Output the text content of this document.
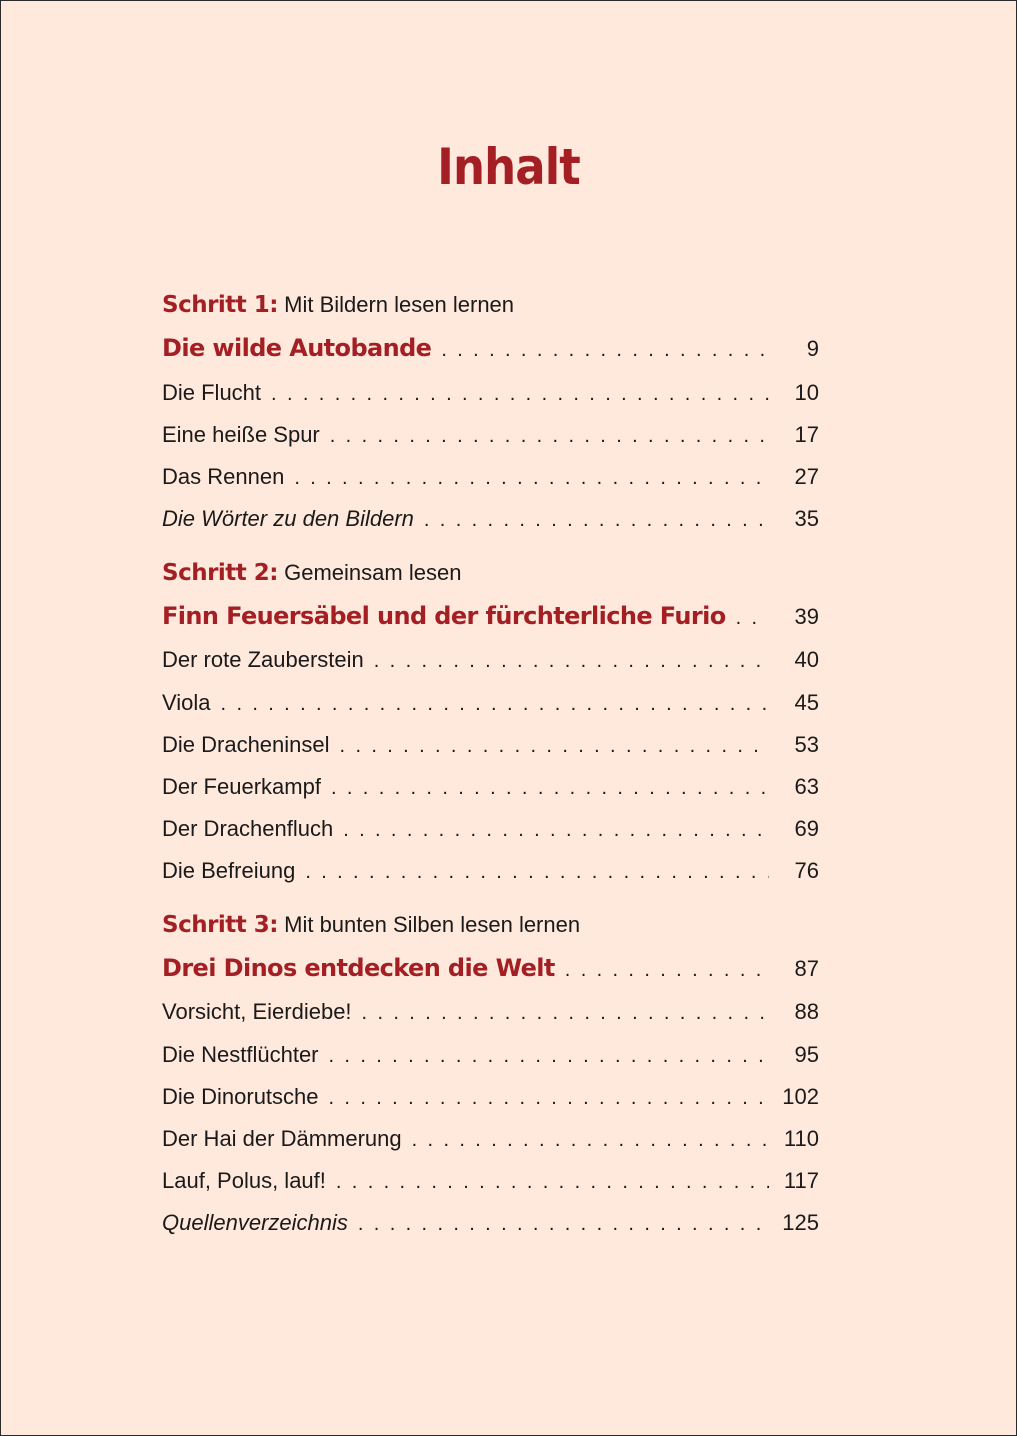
Inhalt
Schritt 1: Mit Bildern lesen lernen
Die wilde Autobande . . .	9
Die Flucht . . .	10
Eine heiße Spur . . .	17
Das Rennen . . .	27
Die Wörter zu den Bildern . . .	35
Schritt 2: Gemeinsam lesen
Finn Feuersäbel und der fürchterliche Furio . . .	39
Der rote Zauberstein . . .	40
Viola . . .	45
Die Dracheninsel . . .	53
Der Feuerkampf . . .	63
Der Drachenfluch . . .	69
Die Befreiung . . .	76
Schritt 3: Mit bunten Silben lesen lernen
Drei Dinos entdecken die Welt . . .	87
Vorsicht, Eierdiebe! . . .	88
Die Nestflüchter . . .	95
Die Dinorutsche . . .	102
Der Hai der Dämmerung . . .	110
Lauf, Polus, lauf! . . .	117
Quellenverzeichnis . . .	125
